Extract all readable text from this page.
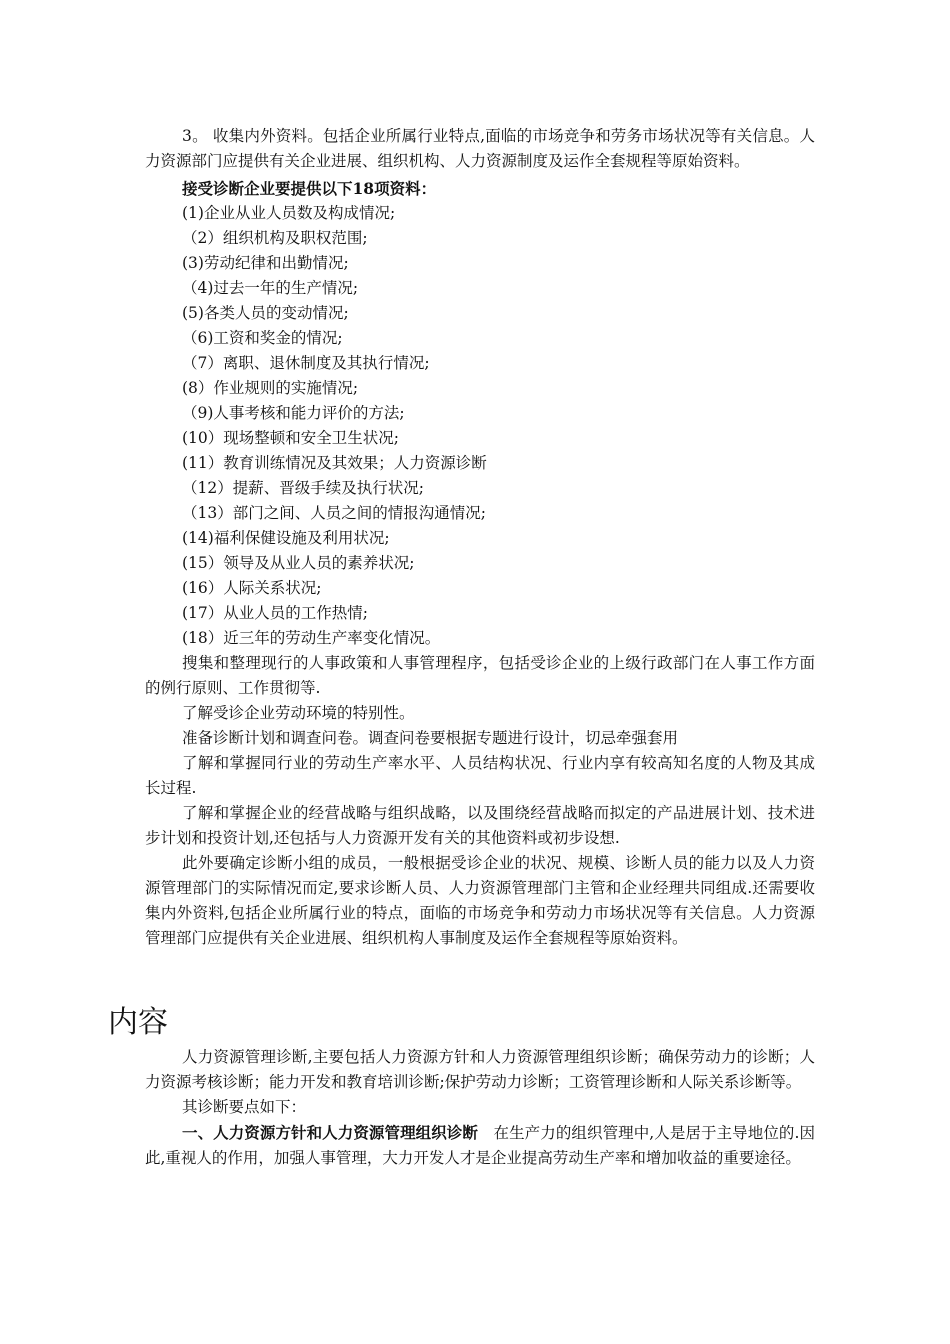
3。 收集内外资料。包括企业所属行业特点,面临的市场竞争和劳务市场状况等有关信息。人力资源部门应提供有关企业进展、组织机构、人力资源制度及运作全套规程等原始资料。

接受诊断企业要提供以下18项资料：

(1)企业从业人员数及构成情况;

（2）组织机构及职权范围;

(3)劳动纪律和出勤情况;

（4)过去一年的生产情况;

(5)各类人员的变动情况;

（6)工资和奖金的情况;

（7）离职、退休制度及其执行情况;

(8）作业规则的实施情况;

（9)人事考核和能力评价的方法;

(10）现场整顿和安全卫生状况;

(11）教育训练情况及其效果；人力资源诊断

（12）提薪、晋级手续及执行状况;

（13）部门之间、人员之间的情报沟通情况;

(14)福利保健设施及利用状况;

(15）领导及从业人员的素养状况;

(16）人际关系状况;

(17）从业人员的工作热情;

(18）近三年的劳动生产率变化情况。

搜集和整理现行的人事政策和人事管理程序，包括受诊企业的上级行政部门在人事工作方面的例行原则、工作贯彻等.

了解受诊企业劳动环境的特别性。

准备诊断计划和调查问卷。调查问卷要根据专题进行设计，切忌牵强套用

了解和掌握同行业的劳动生产率水平、人员结构状况、行业内享有较高知名度的人物及其成长过程.

了解和掌握企业的经营战略与组织战略，以及围绕经营战略而拟定的产品进展计划、技术进步计划和投资计划,还包括与人力资源开发有关的其他资料或初步设想.

此外要确定诊断小组的成员，一般根据受诊企业的状况、规模、诊断人员的能力以及人力资源管理部门的实际情况而定,要求诊断人员、人力资源管理部门主管和企业经理共同组成.还需要收集内外资料,包括企业所属行业的特点，面临的市场竞争和劳动力市场状况等有关信息。人力资源管理部门应提供有关企业进展、组织机构人事制度及运作全套规程等原始资料。

内容

人力资源管理诊断,主要包括人力资源方针和人力资源管理组织诊断；确保劳动力的诊断；人力资源考核诊断；能力开发和教育培训诊断;保护劳动力诊断；工资管理诊断和人际关系诊断等。

其诊断要点如下：

一、人力资源方针和人力资源管理组织诊断　在生产力的组织管理中,人是居于主导地位的.因此,重视人的作用，加强人事管理，大力开发人才是企业提高劳动生产率和增加收益的重要途径。
